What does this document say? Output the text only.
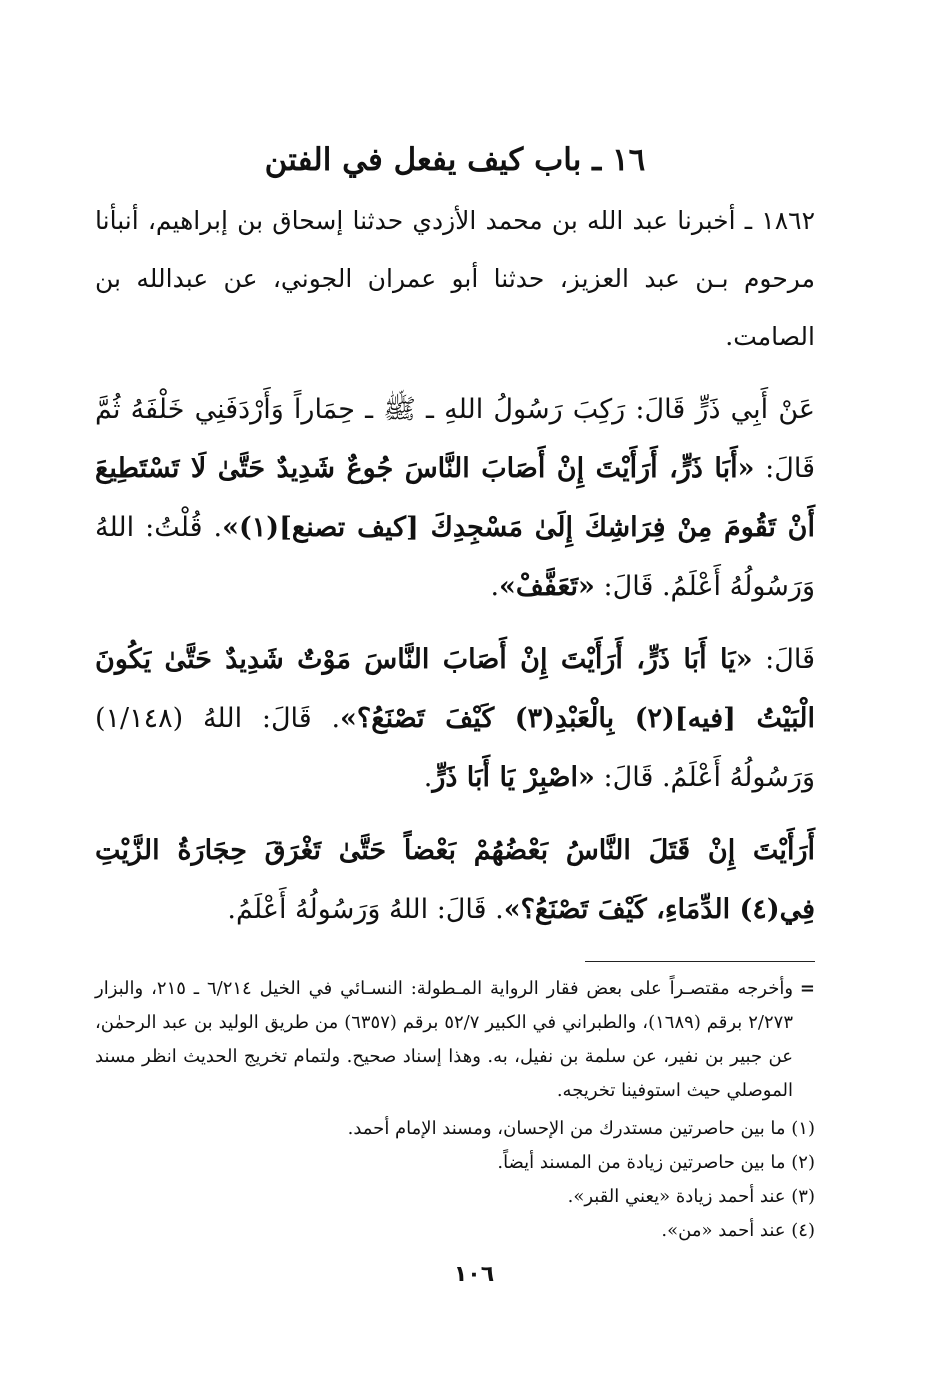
١٦ ـ باب كيف يفعل في الفتن

١٨٦٢ ـ أخبرنا عبد الله بن محمد الأزدي حدثنا إسحاق بن إبراهيم، أنبأنا مرحوم بـن عبد العزيز، حدثنا أبو عمران الجوني، عن عبدالله بن الصامت.

عَنْ أَبِي ذَرٍّ قَالَ: رَكِبَ رَسُولُ اللهِ ـ ﷺ ـ حِمَاراً وَأَرْدَفَنِي خَلْفَهُ ثُمَّ قَالَ: «أَبَا ذَرٍّ، أَرَأَيْتَ إِنْ أَصَابَ النَّاسَ جُوعٌ شَدِيدٌ حَتَّىٰ لَا تَسْتَطِيعَ أَنْ تَقُومَ مِنْ فِرَاشِكَ إِلَىٰ مَسْجِدِكَ [كيف تصنع](١)». قُلْتُ: اللهُ وَرَسُولُهُ أَعْلَمُ. قَالَ: «تَعَفَّفْ».

قَالَ: «يَا أَبَا ذَرٍّ، أَرَأَيْتَ إِنْ أَصَابَ النَّاسَ مَوْتٌ شَدِيدٌ حَتَّىٰ يَكُونَ الْبَيْتُ [فيه](٢) بِالْعَبْدِ(٣) كَيْفَ تَصْنَعُ؟». قَالَ: اللهُ (١/١٤٨) وَرَسُولُهُ أَعْلَمُ. قَالَ: «اصْبِرْ يَا أَبَا ذَرٍّ.

أَرَأَيْتَ إِنْ قَتَلَ النَّاسُ بَعْضُهُمْ بَعْضاً حَتَّىٰ تَغْرَقَ حِجَارَةُ الزَّيْتِ فِي(٤) الدِّمَاءِ، كَيْفَ تَصْنَعُ؟». قَالَ: اللهُ وَرَسُولُهُ أَعْلَمُ.

=
وأخرجه مقتصـراً على بعض فقار الرواية المـطولة: النسـائي في الخيل ٦/٢١٤ ـ ٢١٥، والبزار ٢/٢٧٣ برقم (١٦٨٩)، والطبراني في الكبير ٥٢/٧ برقم (٦٣٥٧) من طريق الوليد بن عبد الرحمٰن، عن جبير بن نفير، عن سلمة بن نفيل، به. وهذا إسناد صحيح. ولتمام تخريج الحديث انظر مسند الموصلي حيث استوفينا تخريجه.

(١) ما بين حاصرتين مستدرك من الإحسان، ومسند الإمام أحمد.

(٢) ما بين حاصرتين زيادة من المسند أيضاً.

(٣) عند أحمد زيادة «يعني القبر».

(٤) عند أحمد «من».

١٠٦
